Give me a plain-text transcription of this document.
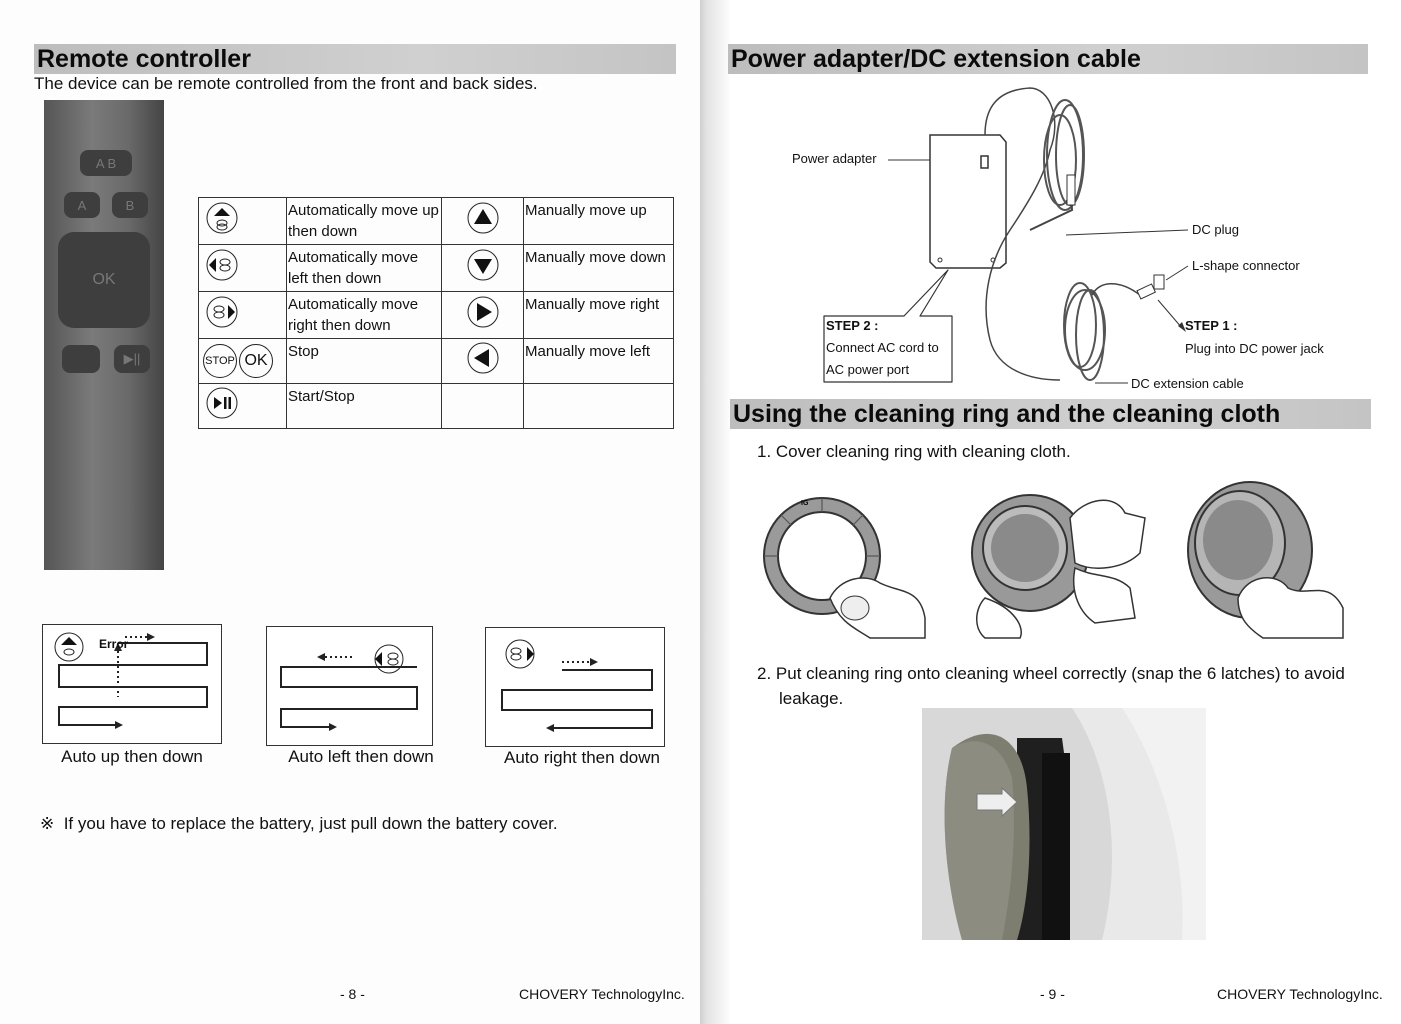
Remote controller
The device can be remote controlled from the front and back sides.
A B
A	B
OK
▶||
	Automatically move up then down		Manually move up
	Automatically move left then down		Manually move down
	Automatically move right then down		Manually move right

STOP OK	Stop		Manually move left
	Start/Stop		
Error
Auto up then down	Auto left then down	Auto right then down
※ If you have to replace the battery, just pull down the battery cover.
- 8 -	CHOVERY TechnologyInc.
Power adapter/DC extension cable
Power adapter
DC plug
L-shape connector
STEP 1 :
Plug into DC power jack
STEP 2 :
Connect AC cord to
AC power port
DC extension cable
Using the cleaning ring and the cleaning cloth
1. Cover cleaning ring with cleaning cloth.
IG
2. Put cleaning ring onto cleaning wheel correctly (snap the 6 latches) to avoid
leakage.
- 9 -	CHOVERY TechnologyInc.
